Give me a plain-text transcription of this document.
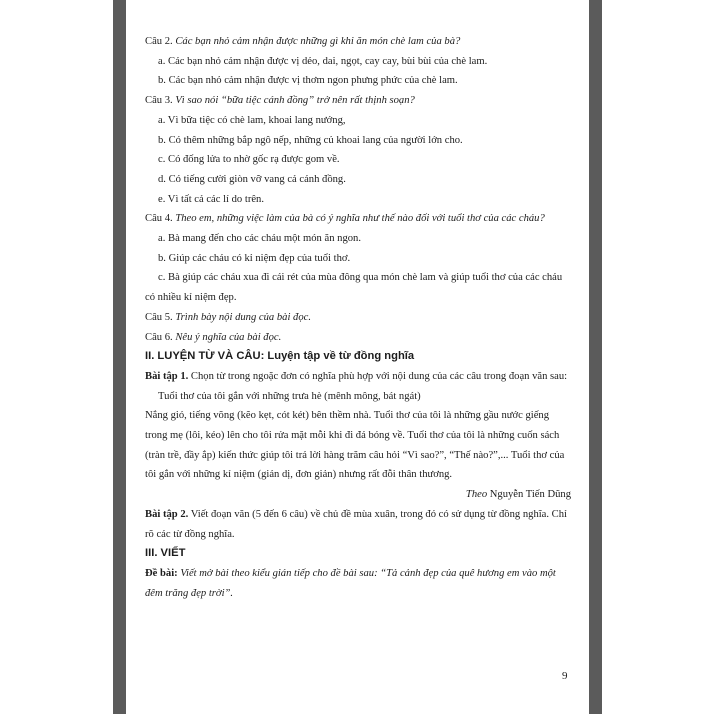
Câu 2. Các bạn nhỏ cảm nhận được những gì khi ăn món chè lam của bà?

a. Các bạn nhỏ cảm nhận được vị dẻo, dai, ngọt, cay cay, bùi bùi của chè lam.

b. Các bạn nhỏ cảm nhận được vị thơm ngon phưng phức của chè lam.

Câu 3. Vì sao nói “bữa tiệc cánh đồng” trở nên rất thịnh soạn?

a. Vì bữa tiệc có chè lam, khoai lang nướng,

b. Có thêm những bắp ngô nếp, những củ khoai lang của người lớn cho.

c. Có đống lửa to nhờ gốc rạ được gom về.

d. Có tiếng cười giòn vỡ vang cả cánh đồng.

e. Vì tất cả các lí do trên.

Câu 4. Theo em, những việc làm của bà có ý nghĩa như thế nào đối với tuổi thơ của các cháu?

a. Bà mang đến cho các cháu một món ăn ngon.

b. Giúp các cháu có kỉ niệm đẹp của tuổi thơ.

c. Bà giúp các cháu xua đi cái rét của mùa đông qua món chè lam và giúp tuổi thơ của các cháu có nhiều kỉ niệm đẹp.

Câu 5. Trình bày nội dung của bài đọc.

Câu 6. Nêu ý nghĩa của bài đọc.

II. LUYỆN TỪ VÀ CÂU: Luyện tập về từ đồng nghĩa

Bài tập 1. Chọn từ trong ngoặc đơn có nghĩa phù hợp với nội dung của các câu trong đoạn văn sau:

Tuổi thơ của tôi gắn với những trưa hè (mênh mông, bát ngát)

Nắng gió, tiếng võng (kẽo kẹt, cót két) bên thềm nhà. Tuổi thơ của tôi là những gầu nước giếng trong mẹ (lôi, kéo) lên cho tôi rửa mặt mỗi khi đi đá bóng về. Tuổi thơ của tôi là những cuốn sách (tràn trề, đầy ắp) kiến thức giúp tôi trả lời hàng trăm câu hỏi “Vì sao?”, “Thế nào?”,... Tuổi thơ của tôi gắn với những kỉ niệm (giản dị, đơn giản) nhưng rất đỗi thân thương.

Theo Nguyễn Tiến Dũng

Bài tập 2. Viết đoạn văn (5 đến 6 câu) về chủ đề mùa xuân, trong đó có sử dụng từ đồng nghĩa. Chỉ rõ các từ đồng nghĩa.

III. VIẾT

Đề bài: Viết mở bài theo kiểu gián tiếp cho đề bài sau: “Tả cảnh đẹp của quê hương em vào một đêm trăng đẹp trời”.

9
